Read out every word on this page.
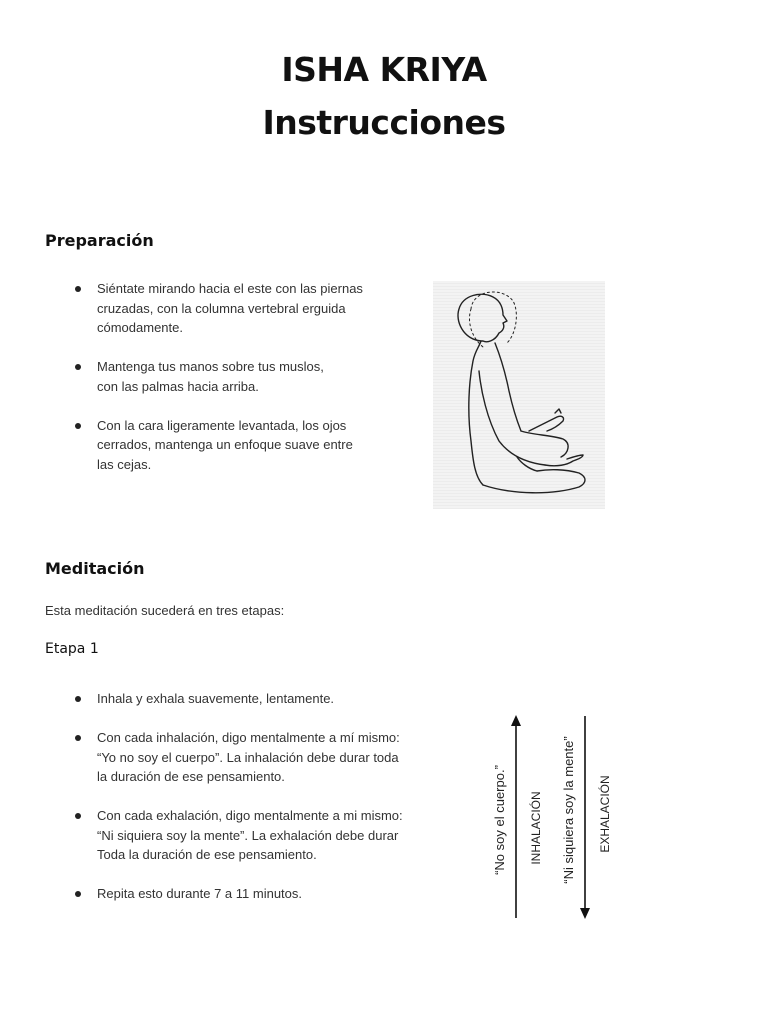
ISHA KRIYA
Instrucciones
Preparación
Siéntate mirando hacia el este con las piernas
cruzadas, con la columna vertebral erguida
cómodamente.
Mantenga tus manos sobre tus muslos,
con las palmas hacia arriba.
Con la cara ligeramente levantada, los ojos
cerrados, mantenga un enfoque suave entre
las cejas.
Meditación
Esta meditación sucederá en tres etapas:
Etapa 1
Inhala y exhala suavemente, lentamente.
Con cada inhalación, digo mentalmente a mí mismo:
“Yo no soy el cuerpo”. La inhalación debe durar toda
la duración de ese pensamiento.
Con cada exhalación, digo mentalmente a mi mismo:
“Ni siquiera soy la mente”. La exhalación debe durar
Toda la duración de ese pensamiento.
Repita esto durante 7 a 11 minutos.
“No soy el cuerpo.” INHALACIÓN “Ni siquiera soy la mente” EXHALACIÓN
